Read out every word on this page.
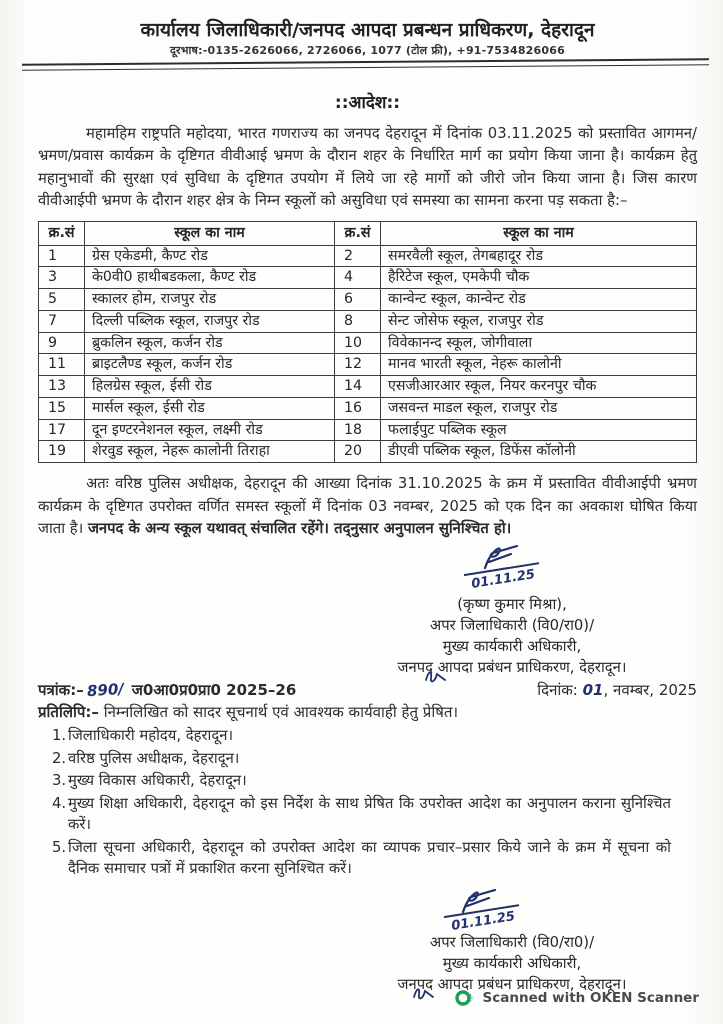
कार्यालय जिलाधिकारी/जनपद आपदा प्रबन्धन प्राधिकरण, देहरादून
दूरभाष:-0135-2626066, 2726066, 1077 (टोल फ्री), +91-7534826066
::आदेश::

महामहिम राष्ट्रपति महोदया, भारत गणराज्य का जनपद देहरादून में दिनांक 03.11.2025 को प्रस्तावित आगमन/भ्रमण/प्रवास कार्यक्रम के दृष्टिगत वीवीआई भ्रमण के दौरान शहर के निर्धारित मार्ग का प्रयोग किया जाना है। कार्यक्रम हेतु महानुभावों की सुरक्षा एवं सुविधा के दृष्टिगत उपयोग में लिये जा रहे मार्गो को जीरो जोन किया जाना है। जिस कारण वीवीआईपी भ्रमण के दौरान शहर क्षेत्र के निम्न स्कूलों को असुविधा एवं समस्या का सामना करना पड़ सकता है:–

क्र.सं	स्कूल का नाम	क्र.सं	स्कूल का नाम
1	ग्रेस एकेडमी, कैण्ट रोड	2	समरवैली स्कूल, तेगबहादूर रोड
3	के0वी0 हाथीबडकला, कैण्ट रोड	4	हैरिटेज स्कूल, एमकेपी चौक
5	स्कालर होम, राजपुर रोड	6	कान्वेन्ट स्कूल, कान्वेन्ट रोड
7	दिल्ली पब्लिक स्कूल, राजपुर रोड	8	सेन्ट जोसेफ स्कूल, राजपुर रोड
9	ब्रुकलिन स्कूल, कर्जन रोड	10	विवेकानन्द स्कूल, जोगीवाला
11	ब्राइटलैण्ड स्कूल, कर्जन रोड	12	मानव भारती स्कूल, नेहरू कालोनी
13	हिलग्रेस स्कूल, ईसी रोड	14	एसजीआरआर स्कूल, नियर करनपुर चौक
15	मार्सल स्कूल, ईसी रोड	16	जसवन्त माडल स्कूल, राजपुर रोड
17	दून इण्टरनेशनल स्कूल, लक्ष्मी रोड	18	फलाईपुट पब्लिक स्कूल
19	शेरवुड स्कूल, नेहरू कालोनी तिराहा	20	डीएवी पब्लिक स्कूल, डिफेंस कॉलोनी

अतः वरिष्ठ पुलिस अधीक्षक, देहरादून की आख्या दिनांक 31.10.2025 के क्रम में प्रस्तावित वीवीआईपी भ्रमण कार्यक्रम के दृष्टिगत उपरोक्त वर्णित समस्त स्कूलों में दिनांक 03 नवम्बर, 2025 को एक दिन का अवकाश घोषित किया जाता है। जनपद के अन्य स्कूल यथावत् संचालित रहेंगे। तद्नुसार अनुपालन सुनिश्चित हो।

01.11.25
(कृष्ण कुमार मिश्रा),
अपर जिलाधिकारी (वि0/रा0)/
मुख्य कार्यकारी अधिकारी,
जनपद आपदा प्रबंधन प्राधिकरण, देहरादून।
पत्रांक:– 890/ ज0आ0प्र0प्रा0 2025–26	दिनांक: 01, नवम्बर, 2025

प्रतिलिपि:– निम्नलिखित को सादर सूचनार्थ एवं आवश्यक कार्यवाही हेतु प्रेषित।

1. जिलाधिकारी महोदय, देहरादून।
2. वरिष्ठ पुलिस अधीक्षक, देहरादून।
3. मुख्य विकास अधिकारी, देहरादून।
4. मुख्य शिक्षा अधिकारी, देहरादून को इस निर्देश के साथ प्रेषित कि उपरोक्त आदेश का अनुपालन कराना सुनिश्चित करें।
5. जिला सूचना अधिकारी, देहरादून को उपरोक्त आदेश का व्यापक प्रचार–प्रसार किये जाने के क्रम में सूचना को दैनिक समाचार पत्रों में प्रकाशित करना सुनिश्चित करें।
01.11.25
अपर जिलाधिकारी (वि0/रा0)/
मुख्य कार्यकारी अधिकारी,
जनपद आपदा प्रबंधन प्राधिकरण, देहरादून।
Scanned with OKEN Scanner
